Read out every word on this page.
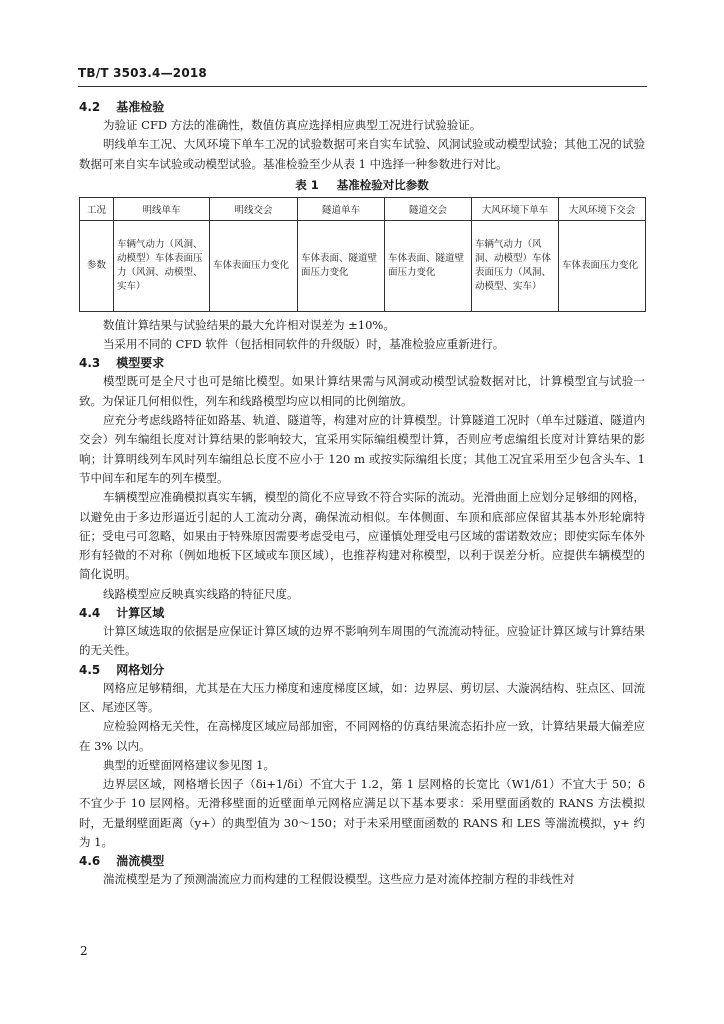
TB/T 3503.4—2018
4.2 基准检验

为验证 CFD 方法的准确性，数值仿真应选择相应典型工况进行试验验证。

明线单车工况、大风环境下单车工况的试验数据可来自实车试验、风洞试验或动模型试验；其他工况的试验数据可来自实车试验或动模型试验。基准检验至少从表 1 中选择一种参数进行对比。

表 1 基准检验对比参数
工况	明线单车	明线交会	隧道单车	隧道交会	大风环境下单车	大风环境下交会
参数	车辆气动力（风洞、动模型）车体表面压力（风洞、动模型、实车）	车体表面压力变化	车体表面、隧道壁面压力变化	车体表面、隧道壁面压力变化	车辆气动力（风洞、动模型）车体表面压力（风洞、动模型、实车）	车体表面压力变化

数值计算结果与试验结果的最大允许相对误差为 ±10%。

当采用不同的 CFD 软件（包括相同软件的升级版）时，基准检验应重新进行。

4.3 模型要求

模型既可是全尺寸也可是缩比模型。如果计算结果需与风洞或动模型试验数据对比，计算模型宜与试验一致。为保证几何相似性，列车和线路模型均应以相同的比例缩放。

应充分考虑线路特征如路基、轨道、隧道等，构建对应的计算模型。计算隧道工况时（单车过隧道、隧道内交会）列车编组长度对计算结果的影响较大，宜采用实际编组模型计算，否则应考虑编组长度对计算结果的影响；计算明线列车风时列车编组总长度不应小于 120 m 或按实际编组长度；其他工况宜采用至少包含头车、1 节中间车和尾车的列车模型。

车辆模型应准确模拟真实车辆，模型的简化不应导致不符合实际的流动。光滑曲面上应划分足够细的网格，以避免由于多边形逼近引起的人工流动分离，确保流动相似。车体侧面、车顶和底部应保留其基本外形轮廓特征；受电弓可忽略，如果由于特殊原因需要考虑受电弓，应谨慎处理受电弓区域的雷诺数效应；即使实际车体外形有轻微的不对称（例如地板下区域或车顶区域），也推荐构建对称模型，以利于误差分析。应提供车辆模型的简化说明。

线路模型应反映真实线路的特征尺度。

4.4 计算区域

计算区域选取的依据是应保证计算区域的边界不影响列车周围的气流流动特征。应验证计算区域与计算结果的无关性。

4.5 网格划分

网格应足够精细，尤其是在大压力梯度和速度梯度区域，如：边界层、剪切层、大漩涡结构、驻点区、回流区、尾迹区等。

应检验网格无关性，在高梯度区域应局部加密，不同网格的仿真结果流态拓扑应一致，计算结果最大偏差应在 3% 以内。

典型的近壁面网格建议参见图 1。

边界层区域，网格增长因子（δi+1/δi）不宜大于 1.2，第 1 层网格的长宽比（W1/δ1）不宜大于 50；δ 不宜少于 10 层网格。无滑移壁面的近壁面单元网格应满足以下基本要求：采用壁面函数的 RANS 方法模拟时，无量纲壁面距离（y+）的典型值为 30～150；对于未采用壁面函数的 RANS 和 LES 等湍流模拟，y+ 约为 1。

4.6 湍流模型

湍流模型是为了预测湍流应力而构建的工程假设模型。这些应力是对流体控制方程的非线性对

2
